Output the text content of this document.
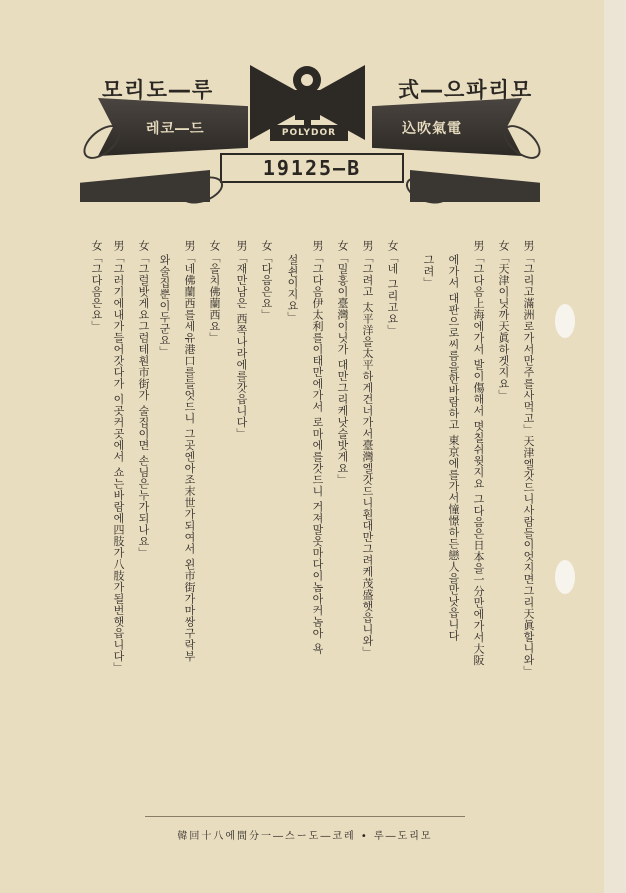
모리도―루	式―으파리모
레코―드	込吹氣電
POLYDOR
19125―B
男「그리고滿洲로가서만주를사먹고」天津엘갓드니사람들이엇지면그리天眞할니와」
女「天津이닛까天眞하겟지요」
男「그다음上海에가서 발이傷해서 몃칠쉬윗지요 그다음은日本을一分만에가서大阪
에가서 대판으로씨름을한바람하고 東京에를가서憧憬하든戀人을만낫읍니다
그려」
女「네 그리고요」
男「그려고 太平洋을太平하게건너가서臺灣엘갓드니훤대만그려케茂盛햇읍니와」
女「밀홍이臺灣이닛가 대만그리케낫슬밧게요」
男「그다음伊太利를이태만에가서 로마에를갓드니 거져말옷마다이놈아커놈아 욕
설쇤이지요」
女「다음은요」
男「재만남은 西쪽나라에를갓읍니다」
女「올치佛蘭西요」
男「네佛蘭西를세유港口를들엇드니 그곳엔아조末世가되여서 왼市街가마쌍구락부
와술집뿐이두군요」
女「그럴밧게요그럼테훤市街가 술집이면 손님은누가되나요」
男「그러기에내가들어갓다가 이곳커곳에서 쇼는바람에四肢가八肢가될번햇읍니다」
女「그다음은요」
韓回十八에間分一―스ー도―코레 • 루―도리모
